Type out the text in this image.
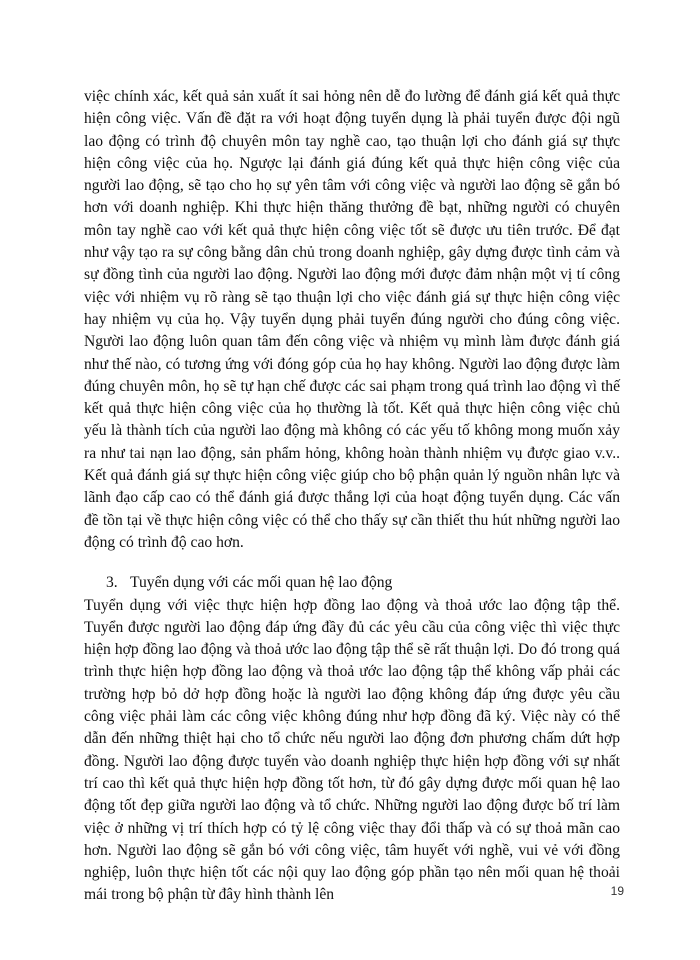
việc chính xác, kết quả sản xuất ít sai hỏng nên dễ đo lường để đánh giá kết quả thực hiện công việc. Vấn đề đặt ra với hoạt động tuyển dụng là phải tuyển được đội ngũ lao động có trình độ chuyên môn tay nghề cao, tạo thuận lợi cho đánh giá sự thực hiện công việc của họ. Ngược lại đánh giá đúng kết quả thực hiện công việc của người lao động, sẽ tạo cho họ sự yên tâm với công việc và người lao động sẽ gắn bó hơn với doanh nghiệp. Khi thực hiện thăng thưởng đề bạt, những người có chuyên môn tay nghề cao với kết quả thực hiện công việc tốt sẽ được ưu tiên trước. Để đạt như vậy tạo ra sự công bằng dân chủ trong doanh nghiệp, gây dựng được tình cảm và sự đồng tình của người lao động. Người lao động mới được đảm nhận một vị tí công việc với nhiệm vụ rõ ràng sẽ tạo thuận lợi cho việc đánh giá sự thực hiện công việc hay nhiệm vụ của họ. Vậy tuyển dụng phải tuyển đúng người cho đúng công việc. Người lao động luôn quan tâm đến công việc và nhiệm vụ mình làm được đánh giá như thế nào, có tương ứng với đóng góp của họ hay không. Người lao động được làm đúng chuyên môn, họ sẽ tự hạn chế được các sai phạm trong quá trình lao động vì thế kết quả thực hiện công việc của họ thường là tốt. Kết quả thực hiện công việc chủ yếu là thành tích của người lao động mà không có các yếu tố không mong muốn xảy ra như tai nạn lao động, sản phẩm hỏng, không hoàn thành nhiệm vụ được giao v.v.. Kết quả đánh giá sự thực hiện công việc giúp cho bộ phận quản lý nguồn nhân lực và lãnh đạo cấp cao có thể đánh giá được thắng lợi của hoạt động tuyển dụng. Các vấn đề tồn tại về thực hiện công việc có thể cho thấy sự cần thiết thu hút những người lao động có trình độ cao hơn.

3. Tuyển dụng với các mối quan hệ lao động

Tuyển dụng với việc thực hiện hợp đồng lao động và thoả ước lao động tập thể. Tuyển được người lao động đáp ứng đầy đủ các yêu cầu của công việc thì việc thực hiện hợp đồng lao động và thoả ước lao động tập thể sẽ rất thuận lợi. Do đó trong quá trình thực hiện hợp đồng lao động và thoả ước lao động tập thể không vấp phải các trường hợp bỏ dở hợp đồng hoặc là người lao động không đáp ứng được yêu cầu công việc phải làm các công việc không đúng như hợp đồng đã ký. Việc này có thể dẫn đến những thiệt hại cho tổ chức nếu người lao động đơn phương chấm dứt hợp đồng. Người lao động được tuyển vào doanh nghiệp thực hiện hợp đồng với sự nhất trí cao thì kết quả thực hiện hợp đồng tốt hơn, từ đó gây dựng được mối quan hệ lao động tốt đẹp giữa người lao động và tổ chức. Những người lao động được bố trí làm việc ở những vị trí thích hợp có tỷ lệ công việc thay đổi thấp và có sự thoả mãn cao hơn. Người lao động sẽ gắn bó với công việc, tâm huyết với nghề, vui vẻ với đồng nghiệp, luôn thực hiện tốt các nội quy lao động góp phần tạo nên mối quan hệ thoải mái trong bộ phận từ đây hình thành lên	19
